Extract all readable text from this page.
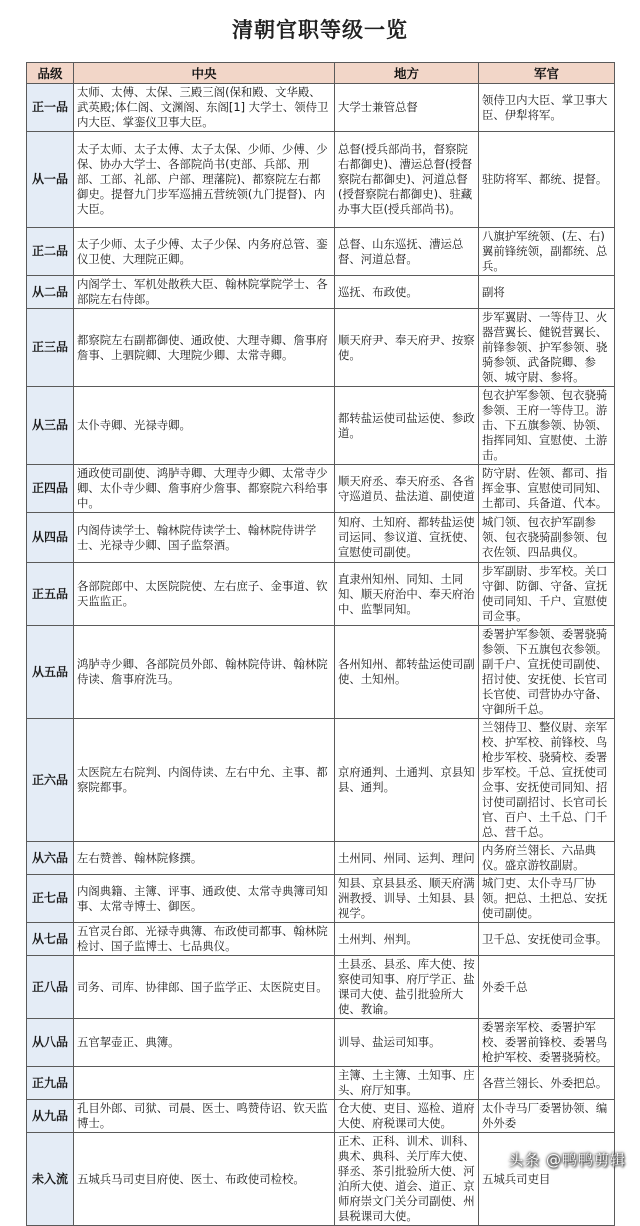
清朝官职等级一览
品级	中央	地方	军官
正一品	太师、太傅、太保、三殿三阁(保和殿、文华殿、武英殿;体仁阁、文渊阁、东阁[1] 大学士、领侍卫内大臣、掌銮仪卫事大臣。	大学士兼管总督	领侍卫内大臣、掌卫事大臣、伊犁将军。
从一品	太子太师、太子太傅、太子太保、少师、少傅、少保、协办大学士、各部院尚书(吏部、兵部、刑部、工部、礼部、户部、理藩院)、都察院左右都御史。提督九门步军巡捕五营统领(九门提督)、内大臣。	总督(授兵部尚书，督察院右都御史)、漕运总督(授督察院右都御史)、河道总督(授督察院右都御史)、驻藏办事大臣(授兵部尚书)。	驻防将军、都统、提督。
正二品	太子少师、太子少傅、太子少保、内务府总管、銮仪卫使、大理院正卿。	总督、山东巡抚、漕运总督、河道总督。	八旗护军统领、(左、右)翼前锋统领，副都统、总兵。
从二品	内阁学士、军机处散秩大臣、翰林院掌院学士、各部院左右侍郎。	巡抚、布政使。	副将
正三品	都察院左右副都御使、通政使、大理寺卿、詹事府詹事、上驷院卿、大理院少卿、太常寺卿。	顺天府尹、奉天府尹、按察使。	步军翼尉、一等侍卫、火器营翼长、健锐营翼长、前锋参领、护军参领、骁骑参领、武备院卿、参领、城守尉、参将。
从三品	太仆寺卿、光禄寺卿。	都转盐运使司盐运使、参政道。	包衣护军参领、包衣骁骑参领、王府一等侍卫。游击、下五旗参领、协领、指挥同知、宣慰使、土游击。
正四品	通政使司副使、鸿胪寺卿、大理寺少卿、太常寺少卿、太仆寺少卿、詹事府少詹事、都察院六科给事中。	顺天府丞、奉天府丞、各省守巡道员、盐法道、副使道	防守尉、佐领、都司、指挥金事、宣慰使司同知、土都司、兵备道、代本。
从四品	内阁侍读学士、翰林院侍读学士、翰林院侍讲学士、光禄寺少卿、国子监祭酒。	知府、土知府、都转盐运使司运同、参议道、宣抚使、宣慰使司副使。	城门领、包衣护军副参领、包衣骁骑副参领、包衣佐领、四品典仪。
正五品	各部院郎中、太医院院使、左右庶子、金事道、钦天监监正。	直隶州知州、同知、土同知、顺天府治中、奉天府治中、监掣同知。	步军副尉、步军校。关口守御、防御、守备、宣抚使司同知、千户、宣慰使司佥事。
从五品	鸿胪寺少卿、各部院员外郎、翰林院侍讲、翰林院侍读、詹事府洗马。	各州知州、都转盐运使司副使、土知州。	委署护军参领、委署骁骑参领、下五旗包衣参领。副千户、宣抚使司副使、招讨使、安抚使、长官司长官使、司营协办守备、守御所千总。
正六品	太医院左右院判、内阁侍读、左右中允、主事、都察院都事。	京府通判、土通判、京县知县、通判。	兰翎侍卫、整仪尉、亲军校、护军校、前锋校、鸟枪步军校、骁骑校、委署步军校。千总、宣抚使司佥事、安抚使司同知、招讨使司副招讨、长官司长官、百户、土千总、门千总、营千总。
从六品	左右赞善、翰林院修撰。	土州同、州同、运判、理问	内务府兰翎长、六品典仪。盛京游牧副尉。
正七品	内阁典籍、主簿、评事、通政使、太常寺典簿司知事、太常寺博士、御医。	知县、京县县丞、顺天府满洲教授、训导、土知县、县视学。	城门吏、太仆寺马厂协领。把总、土把总、安抚使司副使。
从七品	五官灵台郎、光禄寺典簿、布政使司都事、翰林院检讨、国子监博士、七品典仪。	土州判、州判。	卫千总、安抚使司佥事。
正八品	司务、司库、协律郎、国子监学正、太医院吏目。	土县丞、县丞、库大使、按察使司知事、府厅学正、盐课司大使、盐引批验所大使、教谕。	外委千总
从八品	五官挈壶正、典簿。	训导、盐运司知事。	委署亲军校、委署护军校、委署前锋校、委署鸟枪护军校、委署骁骑校。
正九品		主簿、土主簿、土知事、庄头、府厅知事。	各营兰翎长、外委把总。
从九品	孔目外郎、司狱、司晨、医士、鸣赞侍诏、钦天监博士。	仓大使、吏目、巡检、道府大使、府税课司大使。	太仆寺马厂委署协领、编外外委
未入流	五城兵马司吏目府使、医士、布政使司检校。	正术、正科、训术、训科、典术、典科、关厅库大使、驿丞、茶引批验所大使、河泊所大使、道会、道正、京师府崇文门关分司副使、州县税课司大使。	五城兵司吏目
头条 @鸭鸭剪辑
